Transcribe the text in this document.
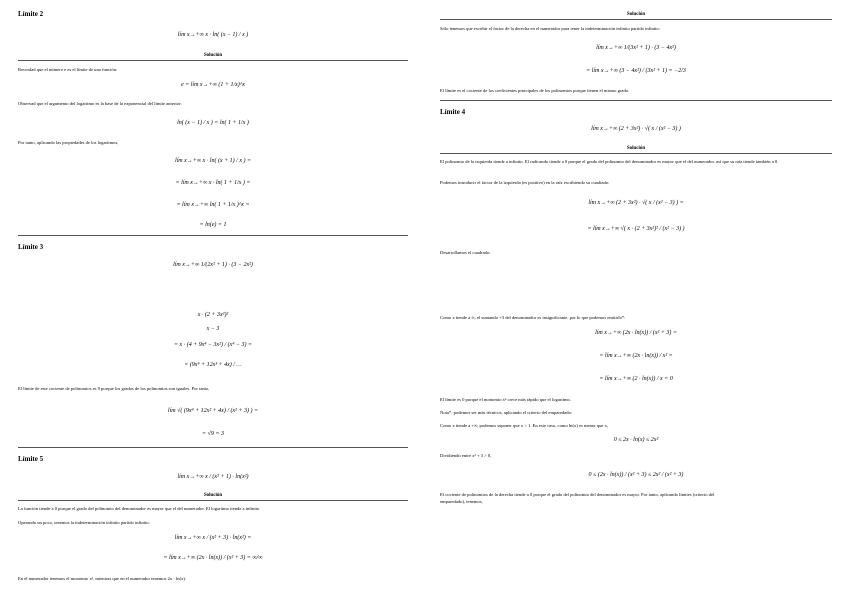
Límite 2
lím x→+∞ x · ln( (x − 1) / x )
Solución
Recordad que el número e es el límite de una función:
e = lím x→+∞ (1 + 1/x)^x
Observad que el argumento del logaritmo es la base de la exponencial del límite anterior:
ln( (x − 1) / x ) = ln( 1 + 1/x )
Por tanto, aplicando las propiedades de los logaritmos,
lím x→+∞ x · ln( (x + 1) / x ) =
= lím x→+∞ x · ln( 1 + 1/x ) =
= lím x→+∞ ln( 1 + 1/x )^x =
= ln(e) = 1
Límite 3
lím x→+∞ 1/(2x² + 1) · (3 − 2x²)
x · (2 + 3x²)²
x − 3
= x · (4 + 9x⁴ − 3x²) / (x⁴ − 3) =
= (9x⁵ + 12x³ + 4x) / …
El límite de este cociente de polinomios es 9 porque los grados de los polinomios son iguales. Por tanto,
lím √( (9x⁴ + 12x² + 4x) / (x² + 3) ) =
= √9 = 3
Límite 5
lím x→+∞ x / (x² + 1) · ln(x²)
Solución
La función tiende a 0 porque el grado del polinomio del denominador es mayor que el del numerador. El logaritmo tiende a infinito.
Operando un poco, tenemos la indeterminación infinito partido infinito:
lím x→+∞ x / (x² + 3) · ln(x²) =
= lím x→+∞ (2x · ln(x)) / (x² + 3) = ∞/∞
En el numerador tenemos el monomio x³, mientras que en el numerador tenemos 2x · ln(x).
Solución
Sólo tenemos que escribir el factor de la derecha en el numerador para tener la indeterminación infinito partido infinito:
lím x→+∞ 1/(3x² + 1) · (3 − 4x²)
= lím x→+∞ (3 − 4x²) / (3x² + 1) = −2/3
El límite es el cociente de los coeficientes principales de los polinomios porque tienen el mismo grado.
Límite 4
lím x→+∞ (2 + 3x²) · √( x / (x² − 3) )
Solución
El polinomio de la izquierda tiende a infinito. El radicando tiende a 0 porque el grado del polinomio del denominador es mayor que el del numerador, así que su raíz tiende también a 0.
Podemos introducir el factor de la izquierda (es positivo) en la raíz escribiendo su cuadrado:
lím x→+∞ (2 + 3x²) · √( x / (x² − 3) ) =
= lím x→+∞ √( x · (2 + 3x²)² / (x² − 3) )
Desarrollamos el cuadrado:
Como x tiende a ∞, el sumando +3 del denominador es insignificante, por lo que podemos omitirlo*:
lím x→+∞ (2x · ln(x)) / (x² + 3) =
= lím x→+∞ (2x · ln(x)) / x² =
= lím x→+∞ (2 · ln(x)) / x = 0
El límite es 0 porque el monomio x² crece más rápido que el logaritmo.
Nota*: podemos ser más técnicos, aplicando el criterio del emparedado:
Como x tiende a +∞, podemos suponer que x > 1. En este caso, como ln(x) es menor que x,
0 ≤ 2x · ln(x) ≤ 2x²
Dividiendo entre x² + 3 > 0,
0 ≤ (2x · ln(x)) / (x² + 3) ≤ 2x² / (x² + 3)
El cociente de polinomios de la derecha tiende a 0 porque el grado del polinomio del denominador es mayor. Por tanto, aplicando límites (criterio del
emparedado), tenemos,
